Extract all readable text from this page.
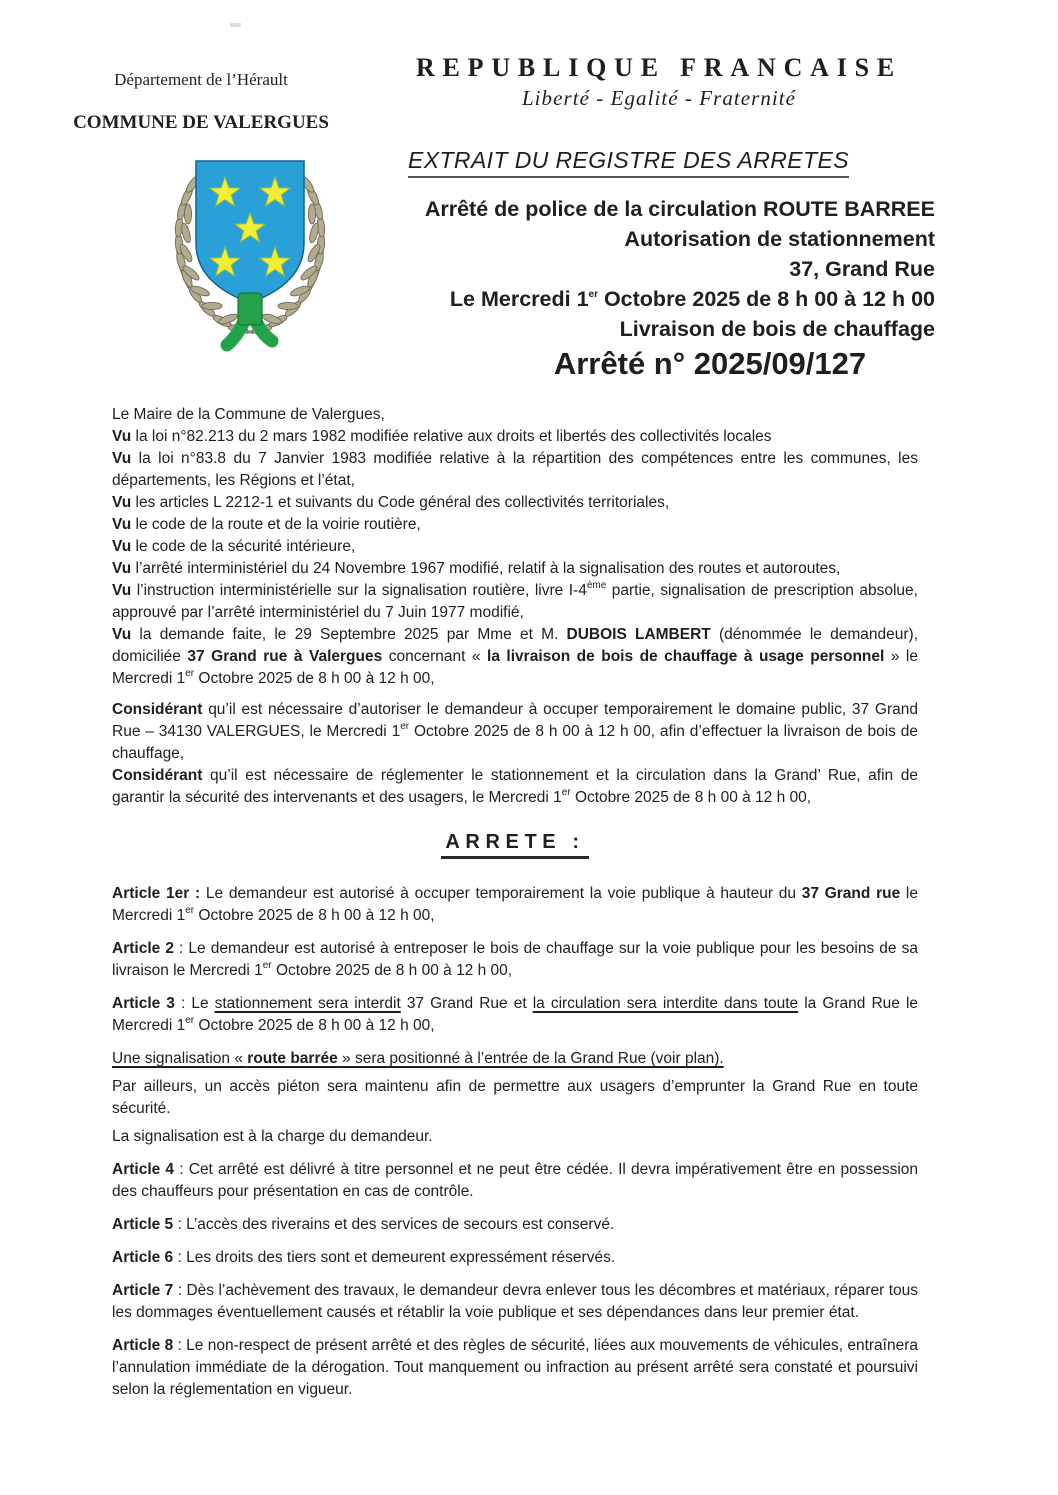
Département de l’Hérault
COMMUNE DE VALERGUES
REPUBLIQUE FRANCAISE
Liberté - Egalité - Fraternité
EXTRAIT DU REGISTRE DES ARRETES
Arrêté de police de la circulation ROUTE BARREE
Autorisation de stationnement
37, Grand Rue
Le Mercredi 1er Octobre 2025 de 8 h 00 à 12 h 00
Livraison de bois de chauffage
Arrêté n° 2025/09/127

Le Maire de la Commune de Valergues,

Vu la loi n°82.213 du 2 mars 1982 modifiée relative aux droits et libertés des collectivités locales

Vu la loi n°83.8 du 7 Janvier 1983 modifiée relative à la répartition des compétences entre les communes, les départements, les Régions et l’état,

Vu les articles L 2212-1 et suivants du Code général des collectivités territoriales,

Vu le code de la route et de la voirie routière,

Vu le code de la sécurité intérieure,

Vu l’arrêté interministériel du 24 Novembre 1967 modifié, relatif à la signalisation des routes et autoroutes,

Vu l’instruction interministérielle sur la signalisation routière, livre I-4ème partie, signalisation de prescription absolue, approuvé par l’arrêté interministériel du 7 Juin 1977 modifié,

Vu la demande faite, le 29 Septembre 2025 par Mme et M. DUBOIS LAMBERT (dénommée le demandeur), domiciliée 37 Grand rue à Valergues concernant « la livraison de bois de chauffage à usage personnel » le Mercredi 1er Octobre 2025 de 8 h 00 à 12 h 00,

Considérant qu’il est nécessaire d’autoriser le demandeur à occuper temporairement le domaine public, 37 Grand Rue – 34130 VALERGUES, le Mercredi 1er Octobre 2025 de 8 h 00 à 12 h 00, afin d’effectuer la livraison de bois de chauffage,

Considérant qu’il est nécessaire de réglementer le stationnement et la circulation dans la Grand’ Rue, afin de garantir la sécurité des intervenants et des usagers, le Mercredi 1er Octobre 2025 de 8 h 00 à 12 h 00,

ARRETE :

Article 1er : Le demandeur est autorisé à occuper temporairement la voie publique à hauteur du 37 Grand rue le Mercredi 1er Octobre 2025 de 8 h 00 à 12 h 00,

Article 2 : Le demandeur est autorisé à entreposer le bois de chauffage sur la voie publique pour les besoins de sa livraison le Mercredi 1er Octobre 2025 de 8 h 00 à 12 h 00,

Article 3 : Le stationnement sera interdit 37 Grand Rue et la circulation sera interdite dans toute la Grand Rue le Mercredi 1er Octobre 2025 de 8 h 00 à 12 h 00,

Une signalisation « route barrée » sera positionné à l’entrée de la Grand Rue (voir plan).

Par ailleurs, un accès piéton sera maintenu afin de permettre aux usagers d’emprunter la Grand Rue en toute sécurité.

La signalisation est à la charge du demandeur.

Article 4 : Cet arrêté est délivré à titre personnel et ne peut être cédée. Il devra impérativement être en possession des chauffeurs pour présentation en cas de contrôle.

Article 5 : L’accès des riverains et des services de secours est conservé.

Article 6 : Les droits des tiers sont et demeurent expressément réservés.

Article 7 : Dès l’achèvement des travaux, le demandeur devra enlever tous les décombres et matériaux, réparer tous les dommages éventuellement causés et rétablir la voie publique et ses dépendances dans leur premier état.

Article 8 : Le non-respect de présent arrêté et des règles de sécurité, liées aux mouvements de véhicules, entraînera l’annulation immédiate de la dérogation. Tout manquement ou infraction au présent arrêté sera constaté et poursuivi selon la réglementation en vigueur.
